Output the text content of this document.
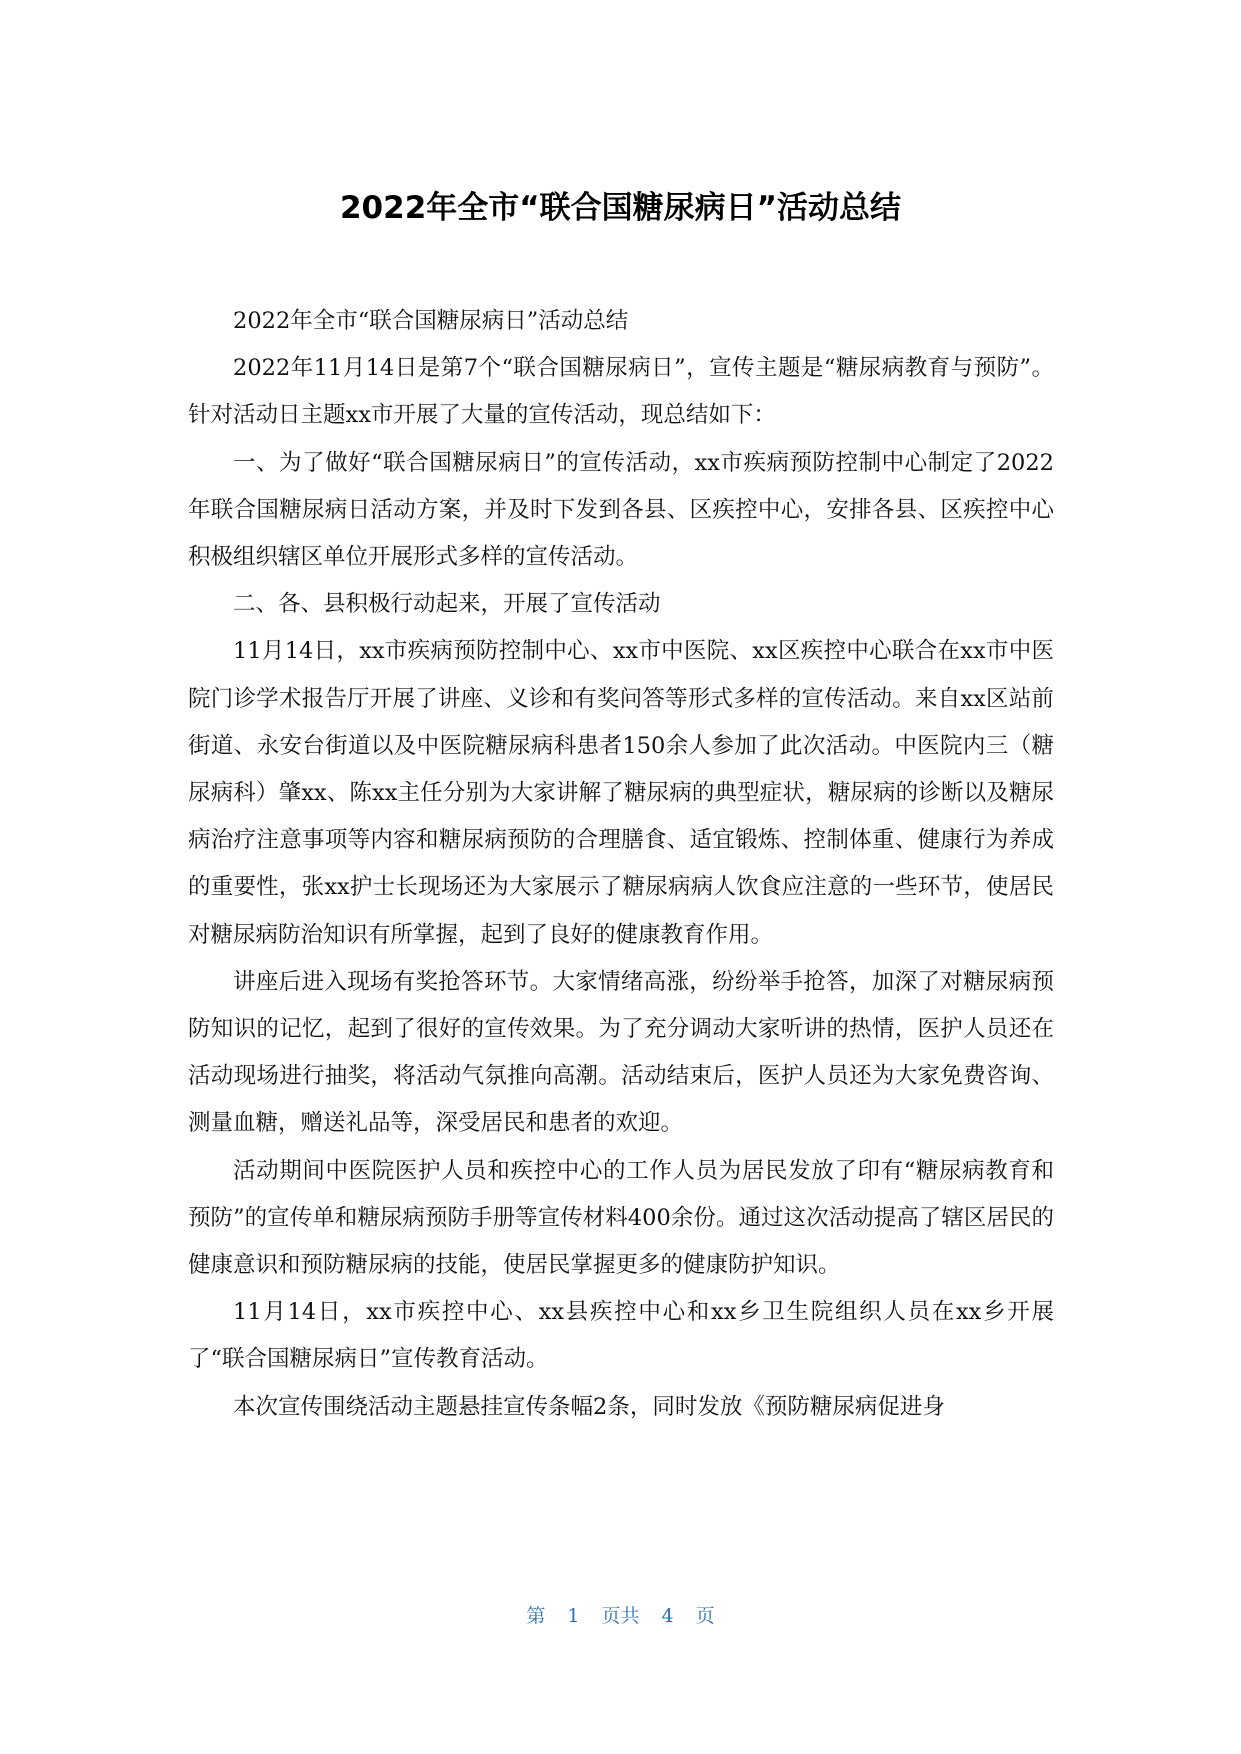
2022年全市“联合国糖尿病日”活动总结

2022年全市“联合国糖尿病日”活动总结

2022年11月14日是第7个“联合国糖尿病日”，宣传主题是“糖尿病教育与预防”。针对活动日主题xx市开展了大量的宣传活动，现总结如下：

一、为了做好“联合国糖尿病日”的宣传活动，xx市疾病预防控制中心制定了2022年联合国糖尿病日活动方案，并及时下发到各县、区疾控中心，安排各县、区疾控中心积极组织辖区单位开展形式多样的宣传活动。

二、各、县积极行动起来，开展了宣传活动

11月14日，xx市疾病预防控制中心、xx市中医院、xx区疾控中心联合在xx市中医院门诊学术报告厅开展了讲座、义诊和有奖问答等形式多样的宣传活动。来自xx区站前街道、永安台街道以及中医院糖尿病科患者150余人参加了此次活动。中医院内三（糖尿病科）肇xx、陈xx主任分别为大家讲解了糖尿病的典型症状，糖尿病的诊断以及糖尿病治疗注意事项等内容和糖尿病预防的合理膳食、适宜锻炼、控制体重、健康行为养成的重要性，张xx护士长现场还为大家展示了糖尿病病人饮食应注意的一些环节，使居民对糖尿病防治知识有所掌握，起到了良好的健康教育作用。

讲座后进入现场有奖抢答环节。大家情绪高涨，纷纷举手抢答，加深了对糖尿病预防知识的记忆，起到了很好的宣传效果。为了充分调动大家听讲的热情，医护人员还在活动现场进行抽奖，将活动气氛推向高潮。活动结束后，医护人员还为大家免费咨询、测量血糖，赠送礼品等，深受居民和患者的欢迎。

活动期间中医院医护人员和疾控中心的工作人员为居民发放了印有“糖尿病教育和预防”的宣传单和糖尿病预防手册等宣传材料400余份。通过这次活动提高了辖区居民的健康意识和预防糖尿病的技能，使居民掌握更多的健康防护知识。

11月14日，xx市疾控中心、xx县疾控中心和xx乡卫生院组织人员在xx乡开展了“联合国糖尿病日”宣传教育活动。

本次宣传围绕活动主题悬挂宣传条幅2条，同时发放《预防糖尿病促进身

第 1 页共 4 页
